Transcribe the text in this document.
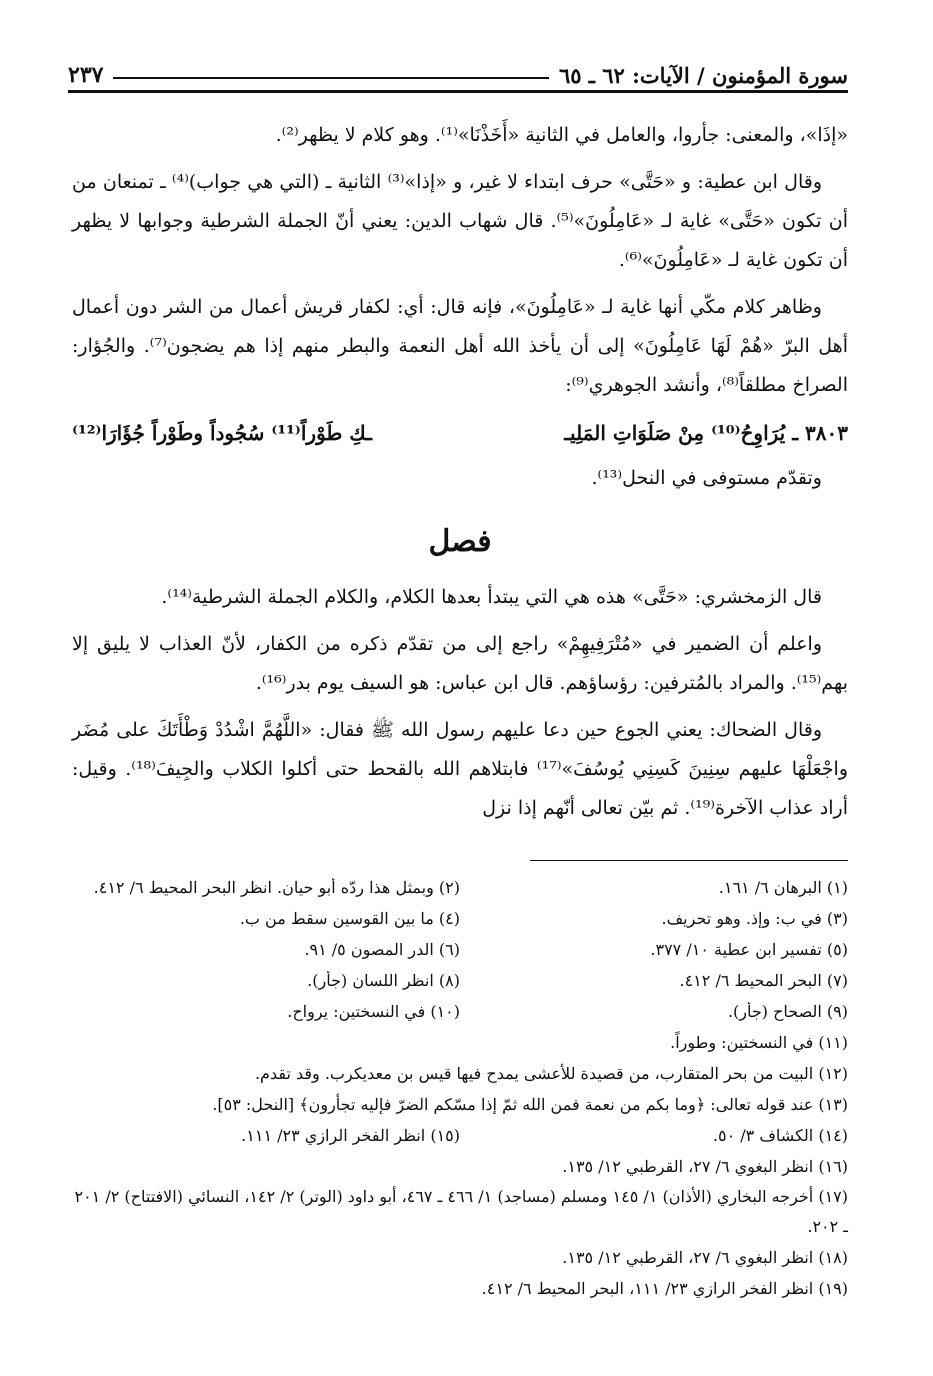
سورة المؤمنون / الآيات: ٦٢ ـ ٦٥
٢٣٧

«إذَا»، والمعنى: جأروا، والعامل في الثانية «أَخَذْنَا»⁽¹⁾. وهو كلام لا يظهر⁽²⁾.

وقال ابن عطية: و «حَتَّى» حرف ابتداء لا غير، و «إذا»⁽³⁾ الثانية ـ (التي هي جواب)⁽⁴⁾ ـ تمنعان من أن تكون «حَتَّى» غاية لـ «عَامِلُونَ»⁽⁵⁾. قال شهاب الدين: يعني أنّ الجملة الشرطية وجوابها لا يظهر أن تكون غاية لـ «عَامِلُونَ»⁽⁶⁾.

وظاهر كلام مكّي أنها غاية لـ «عَامِلُونَ»، فإنه قال: أي: لكفار قريش أعمال من الشر دون أعمال أهل البرّ «هُمْ لَهَا عَامِلُونَ» إلى أن يأخذ الله أهل النعمة والبطر منهم إذا هم يضجون⁽⁷⁾. والجُؤار: الصراخ مطلقاً⁽⁸⁾، وأنشد الجوهري⁽⁹⁾:

٣٨٠٣ ـ يُرَاوِحُ⁽¹⁰⁾ مِنْ صَلَوَاتِ المَلِيـ
ـكِ طَوْراً⁽¹¹⁾ سُجُوداً وطَوْراً جُؤَارَا⁽¹²⁾

وتقدّم مستوفى في النحل⁽¹³⁾.

فصل

قال الزمخشري: «حَتَّى» هذه هي التي يبتدأ بعدها الكلام، والكلام الجملة الشرطية⁽¹⁴⁾.

واعلم أن الضمير في «مُتْرَفِيهِمْ» راجع إلى من تقدّم ذكره من الكفار، لأنّ العذاب لا يليق إلا بهم⁽¹⁵⁾. والمراد بالمُترفين: رؤساؤهم. قال ابن عباس: هو السيف يوم بدر⁽¹⁶⁾.

وقال الضحاك: يعني الجوع حين دعا عليهم رسول الله ﷺ فقال: «اللَّهُمَّ اشْدُدْ وَطْأَتَكَ على مُضَر واجْعَلْهَا عليهم سِنِينَ كَسِنِي يُوسُفَ»⁽¹⁷⁾ فابتلاهم الله بالقحط حتى أكلوا الكلاب والجِيفَ⁽¹⁸⁾. وقيل: أراد عذاب الآخرة⁽¹⁹⁾. ثم بيّن تعالى أنّهم إذا نزل

(١) البرهان ٦/ ١٦١.
(٢) وبمثل هذا ردّه أبو حيان. انظر البحر المحيط ٦/ ٤١٢.
(٣) في ب: وإذ. وهو تحريف.
(٤) ما بين القوسين سقط من ب.
(٥) تفسير ابن عطية ١٠/ ٣٧٧.
(٦) الدر المصون ٥/ ٩١.
(٧) البحر المحيط ٦/ ٤١٢.
(٨) انظر اللسان (جأر).
(٩) الصحاح (جأر).
(١٠) في النسختين: يرواح.
(١١) في النسختين: وطوراً.
(١٢) البيت من بحر المتقارب، من قصيدة للأعشى يمدح فيها قيس بن معديكرب. وقد تقدم.
(١٣) عند قوله تعالى: ﴿وما بكم من نعمة فمن الله ثمّ إذا مسّكم الضرّ فإليه تجأرون﴾ [النحل: ٥٣].
(١٤) الكشاف ٣/ ٥٠.
(١٥) انظر الفخر الرازي ٢٣/ ١١١.
(١٦) انظر البغوي ٦/ ٢٧، القرطبي ١٢/ ١٣٥.
(١٧) أخرجه البخاري (الأذان) ١/ ١٤٥ ومسلم (مساجد) ١/ ٤٦٦ ـ ٤٦٧، أبو داود (الوتر) ٢/ ١٤٢، النسائي (الافتتاح) ٢/ ٢٠١ ـ ٢٠٢.
(١٨) انظر البغوي ٦/ ٢٧، القرطبي ١٢/ ١٣٥.
(١٩) انظر الفخر الرازي ٢٣/ ١١١، البحر المحيط ٦/ ٤١٢.
